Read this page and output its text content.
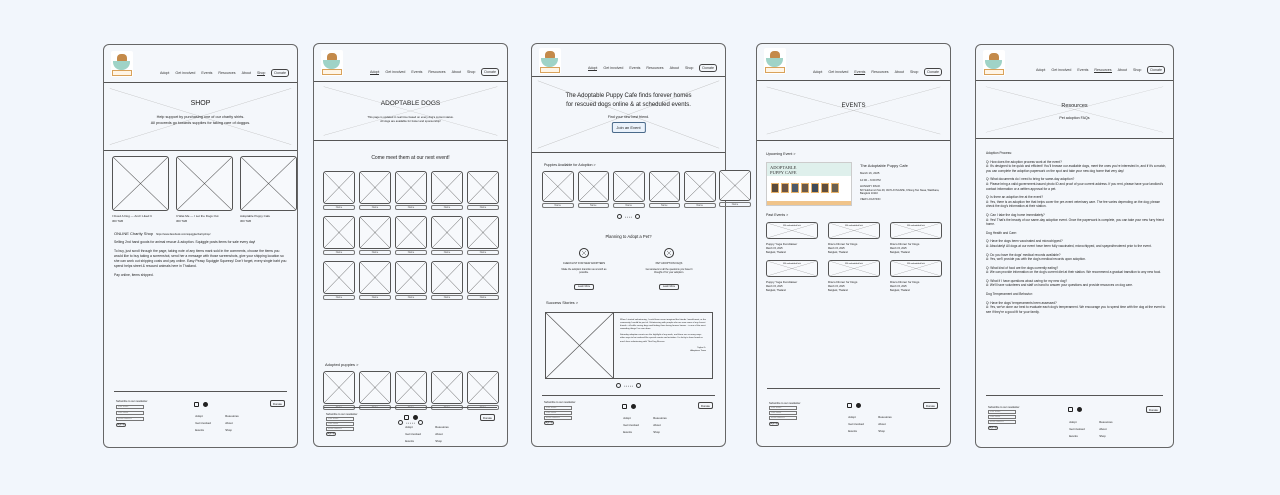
Adopt Get involved Events Resources About Shop	Donate
SHOP
Help support by purchasing one of our charity shirts.
All proceeds go towards supplies for taking care of doggos.
I Fixed A Dog — And I Liked It
300 THB
It Was Me — I Let the Dogs Out
300 THB
Adoptable Puppy Cafe
300 THB
ONLINE Charity Shop https://www.facebook.com/squigglecharityshop/

Selling 2nd hand goods for animal rescue & adoption. Squiggle posts items for sale every day!

To buy, just scroll through the page, taking note of any items mark sold in the comments, choose the items you would like to buy taking a screenshot, send her a message with those screenshots, give your shipping location so she can work out shipping costs and pay online. Easy Peasy Squiggle Squeezy! Don't forget, every single baht you spend helps street & rescued animals here in Thailand.

Pay online, items shipped.

Subscribe to our newsletter
First name
Last name
Email address
Sign up
Donate
Adopt	Resources
Get involved	About
Events	Shop
Adopt Get involved Events Resources About Shop	Donate
ADOPTABLE DOGS
This page is updated in real time based on every dog's current status.
All dogs are available for foster and sponsorship!
Come meet them at our next event!
Name	Name	Name	Name	Name
Name	Name	Name	Name	Name
Name	Name	Name	Name	Name
Adopted puppies >
Name	Name	Name	Name	Name
• • • • •
Subscribe to our newsletter
First name
Last name
Email address
Sign up
Donate
Adopt	Resources
Get involved	About
Events	Shop
Adopt Get involved Events Resources About Shop	Donate
The Adoptable Puppy Cafe finds forever homes
for rescued dogs online & at scheduled events.
Find your new best friend.
Join an Event
Puppies Available for Adoption >
Name	Name	Name	Name	Name
• • • •
Planning to Adopt a Pet?
CHECKLIST FOR NEW ADOPTERS
Make the adoption transition as smooth as possible.
Learn More
PET ADOPTION FAQS
Get answers to all the questions you haven't thought of for your adoption.
Learn More
Success Stories >

When I started volunteering, I could have never imagined the friends I would meet, or the community I would be part of. Volunteering with people who are now some of my closest friends - all while saving dogs and finding them loving forever homes - is one of the most rewarding things I've ever done.

Saturday adoption events are the highlight of my week, and there are so many ways other ways to be involved like special events and activities. I'm lucky to have found so much love volunteering with Thai Dog Rescue.

Taylor G.

Adoptions Team

• • • • •
Subscribe to our newsletter
First name
Last name
Email address
Sign up
Donate
Adopt	Resources
Get involved	About
Events	Shop
Name
Adopt Get involved Events Resources About Shop	Donate
EVENTS
Upcoming Event >
ADOPTABLE PUPPY CAFE
The Adoptable Puppy Cafe
March 16, 2025
12:00 – 6:00 PM
HUNGRY PACK
8/3 Sukhumvit Soi 49, 49 PLAYSCAPE, Khlong Tan Nuea, Watthana, Bangkok 10110
VIEW LOCATION
Past Events >
FB embedded link
Puppy Yoga Fundraiser
March 15, 2025
Bangkok, Thailand
FB embedded link
Disco Dinner for Dogs
March 15, 2025
Bangkok, Thailand
FB embedded link
Disco Dinner for Dogs
March 15, 2025
Bangkok, Thailand
FB embedded link
Puppy Yoga Fundraiser
March 15, 2025
Bangkok, Thailand
FB embedded link
Disco Dinner for Dogs
March 15, 2025
Bangkok, Thailand
FB embedded link
Disco Dinner for Dogs
March 15, 2025
Bangkok, Thailand
Subscribe to our newsletter
First name
Last name
Email address
Sign up
Donate
Adopt	Resources
Get involved	About
Events	Shop
Adopt Get involved Events Resources About Shop	Donate
Resources
Pet adoption FAQs

Adoption Process:

Q: How does the adoption process work at the event?
A: It's designed to be quick and efficient! You'll browse our available dogs, meet the ones you're interested in, and if it's a match, you can complete the adoption paperwork on the spot and take your new dog home that very day!

Q: What documents do I need to bring for same-day adoption?
A: Please bring a valid government-issued photo ID and proof of your current address. If you rent, please have your landlord's contact information or a written approval for a pet.

Q: Is there an adoption fee at the event?
A: Yes, there is an adoption fee that helps cover the pre-event veterinary care. The fee varies depending on the dog; please check the dog's information at their station.

Q: Can I take the dog home immediately?
A: Yes! That's the beauty of our same-day adoption event. Once the paperwork is complete, you can take your new furry friend home.

Dog Health and Care:

Q: Have the dogs been vaccinated and microchipped?
A: Absolutely! All dogs at our event have been fully vaccinated, microchipped, and spayed/neutered prior to the event.

Q: Do you have the dogs' medical records available?
A: Yes, we'll provide you with the dog's medical records upon adoption.

Q: What kind of food are the dogs currently eating?
A: We can provide information on the dog's current diet at their station. We recommend a gradual transition to any new food.

Q: What if I have questions about caring for my new dog?
A: We'll have volunteers and staff on hand to answer your questions and provide resources on dog care.

Dog Temperament and Behavior:

Q: Have the dogs' temperaments been assessed?
A: Yes, we've done our best to evaluate each dog's temperament. We encourage you to spend time with the dog at the event to see if they're a good fit for your family.

Subscribe to our newsletter
First name
Last name
Email address
Sign up
Donate
Adopt	Resources
Get involved	About
Events	Shop
